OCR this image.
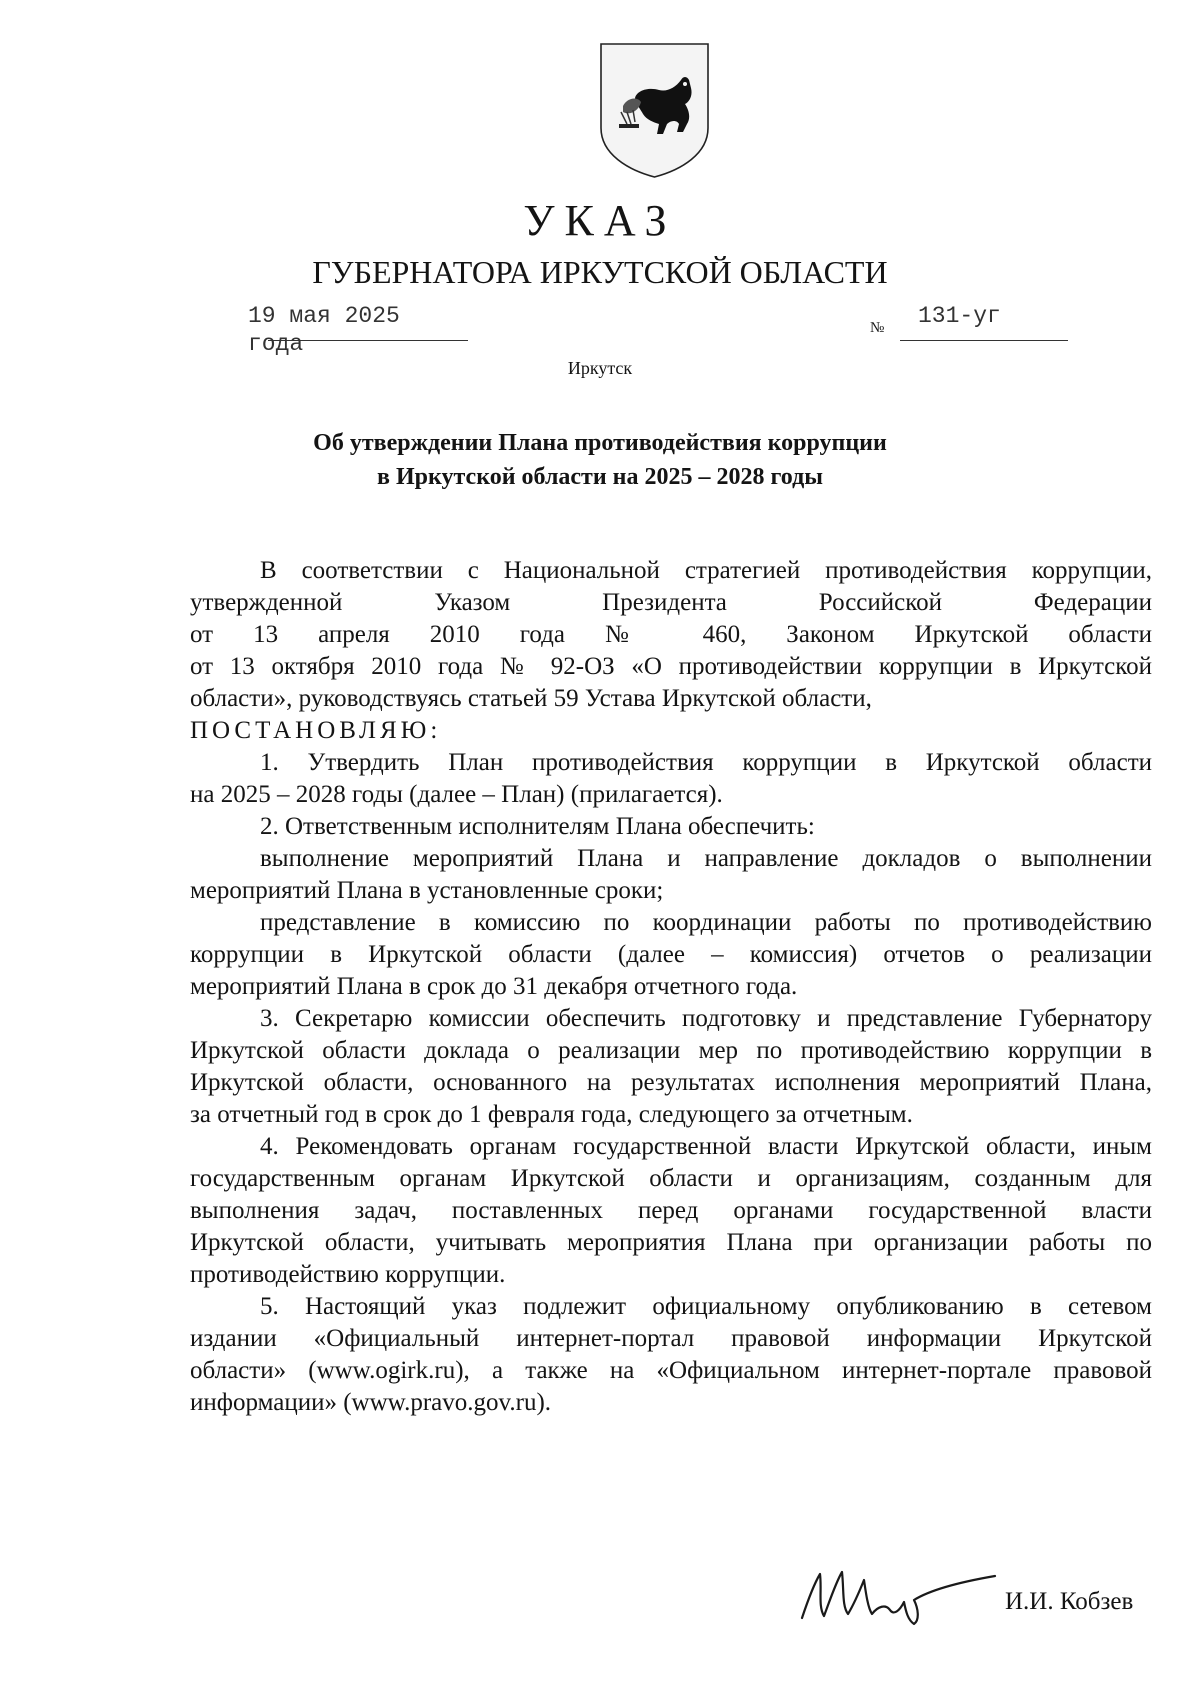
УКАЗ
ГУБЕРНАТОРА ИРКУТСКОЙ ОБЛАСТИ
19 мая 2025 года
№ 131-уг
Иркутск
Об утверждении Плана противодействия коррупции
в Иркутской области на 2025 – 2028 годы
В соответствии с Национальной стратегией противодействия коррупции,
утвержденной Указом Президента Российской Федерации
от 13 апреля 2010 года № 460, Законом Иркутской области
от 13 октября 2010 года № 92-ОЗ «О противодействии коррупции в Иркутской
области», руководствуясь статьей 59 Устава Иркутской области,
ПОСТАНОВЛЯЮ:
1. Утвердить План противодействия коррупции в Иркутской области
на 2025 – 2028 годы (далее – План) (прилагается).
2. Ответственным исполнителям Плана обеспечить:
выполнение мероприятий Плана и направление докладов о выполнении
мероприятий Плана в установленные сроки;
представление в комиссию по координации работы по противодействию
коррупции в Иркутской области (далее – комиссия) отчетов о реализации
мероприятий Плана в срок до 31 декабря отчетного года.
3. Секретарю комиссии обеспечить подготовку и представление Губернатору
Иркутской области доклада о реализации мер по противодействию коррупции в
Иркутской области, основанного на результатах исполнения мероприятий Плана,
за отчетный год в срок до 1 февраля года, следующего за отчетным.
4. Рекомендовать органам государственной власти Иркутской области, иным
государственным органам Иркутской области и организациям, созданным для
выполнения задач, поставленных перед органами государственной власти
Иркутской области, учитывать мероприятия Плана при организации работы по
противодействию коррупции.
5. Настоящий указ подлежит официальному опубликованию в сетевом
издании «Официальный интернет-портал правовой информации Иркутской
области» (www.ogirk.ru), а также на «Официальном интернет-портале правовой
информации» (www.pravo.gov.ru).
И.И. Кобзев
